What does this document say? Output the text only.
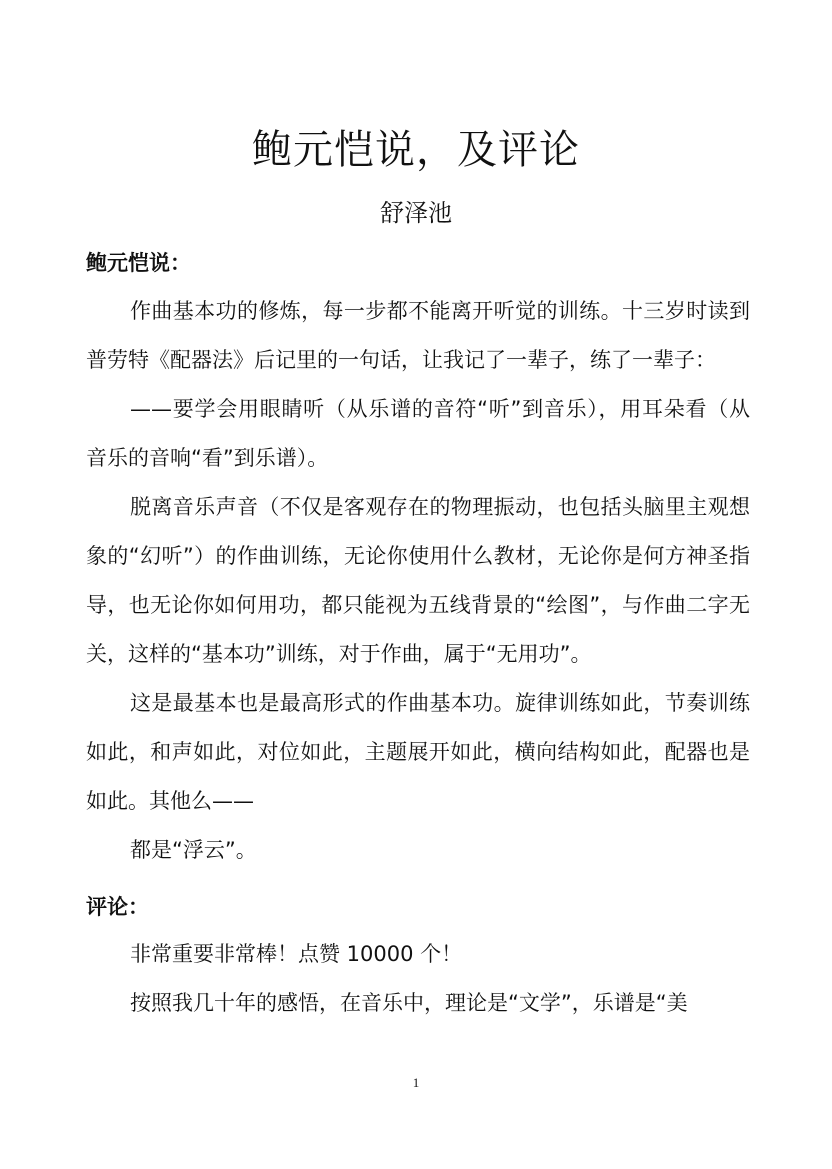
鲍元恺说，及评论
舒泽池
鲍元恺说：

作曲基本功的修炼，每一步都不能离开听觉的训练。十三岁时读到普劳特《配器法》后记里的一句话，让我记了一辈子，练了一辈子：

——要学会用眼睛听（从乐谱的音符“听”到音乐），用耳朵看（从音乐的音响“看”到乐谱）。

脱离音乐声音（不仅是客观存在的物理振动，也包括头脑里主观想象的“幻听”）的作曲训练，无论你使用什么教材，无论你是何方神圣指导，也无论你如何用功，都只能视为五线背景的“绘图”，与作曲二字无关，这样的“基本功”训练，对于作曲，属于“无用功”。

这是最基本也是最高形式的作曲基本功。旋律训练如此，节奏训练如此，和声如此，对位如此，主题展开如此，横向结构如此，配器也是如此。其他么——

都是“浮云”。

评论：

非常重要非常棒！点赞 10000 个！

按照我几十年的感悟，在音乐中，理论是“文学”，乐谱是“美

1
